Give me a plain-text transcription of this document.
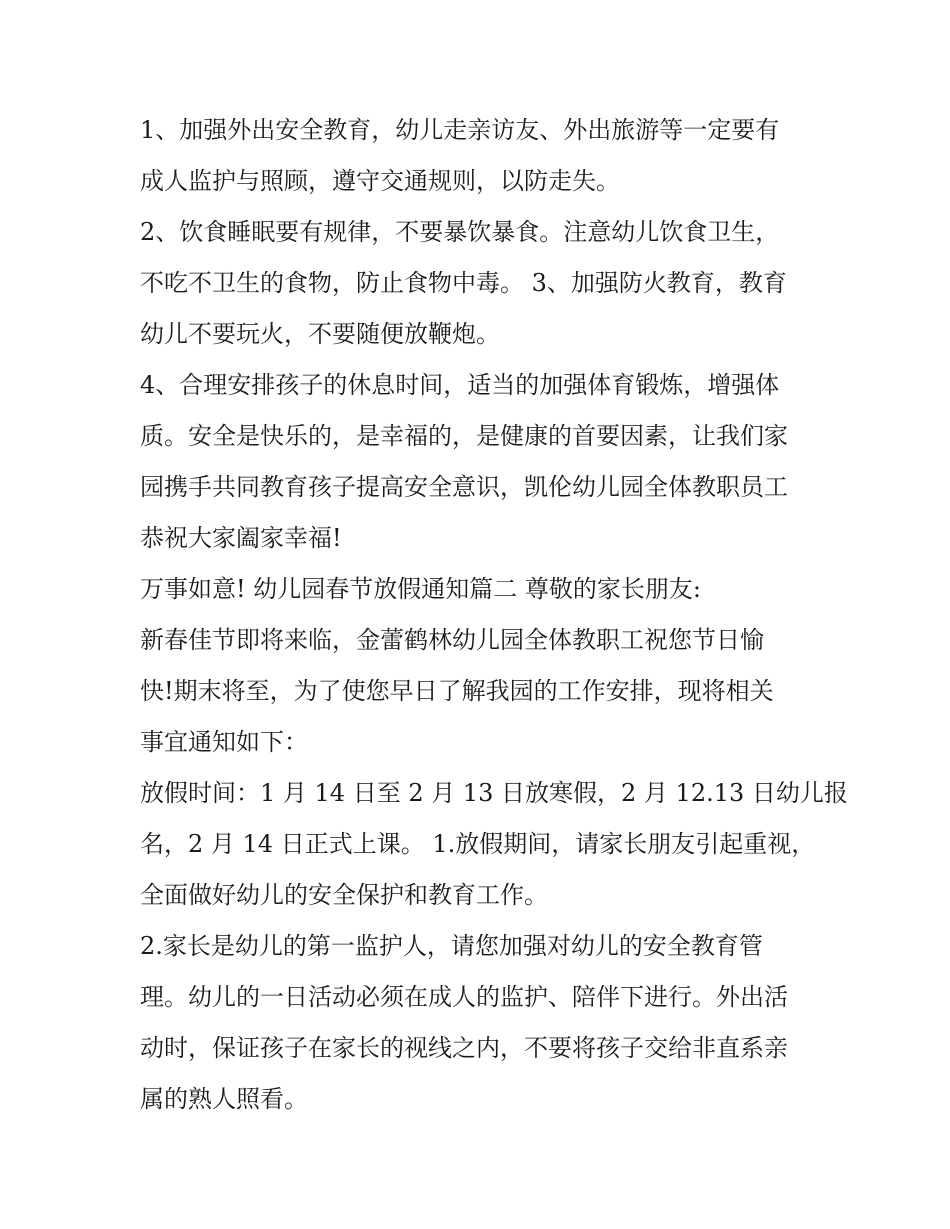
1、加强外出安全教育，幼儿走亲访友、外出旅游等一定要有
成人监护与照顾，遵守交通规则，以防走失。

2、饮食睡眠要有规律，不要暴饮暴食。注意幼儿饮食卫生，
不吃不卫生的食物，防止食物中毒。 3、加强防火教育，教育
幼儿不要玩火，不要随便放鞭炮。

4、合理安排孩子的休息时间，适当的加强体育锻炼，增强体
质。安全是快乐的，是幸福的，是健康的首要因素，让我们家
园携手共同教育孩子提高安全意识，凯伦幼儿园全体教职员工
恭祝大家阖家幸福!

万事如意! 幼儿园春节放假通知篇二 尊敬的家长朋友:

新春佳节即将来临，金蕾鹤林幼儿园全体教职工祝您节日愉
快!期末将至，为了使您早日了解我园的工作安排，现将相关
事宜通知如下：

放假时间：1 月 14 日至 2 月 13 日放寒假，2 月 12.13 日幼儿报
名，2 月 14 日正式上课。 1.放假期间，请家长朋友引起重视，
全面做好幼儿的安全保护和教育工作。

2.家长是幼儿的第一监护人，请您加强对幼儿的安全教育管
理。幼儿的一日活动必须在成人的监护、陪伴下进行。外出活
动时，保证孩子在家长的视线之内，不要将孩子交给非直系亲
属的熟人照看。
